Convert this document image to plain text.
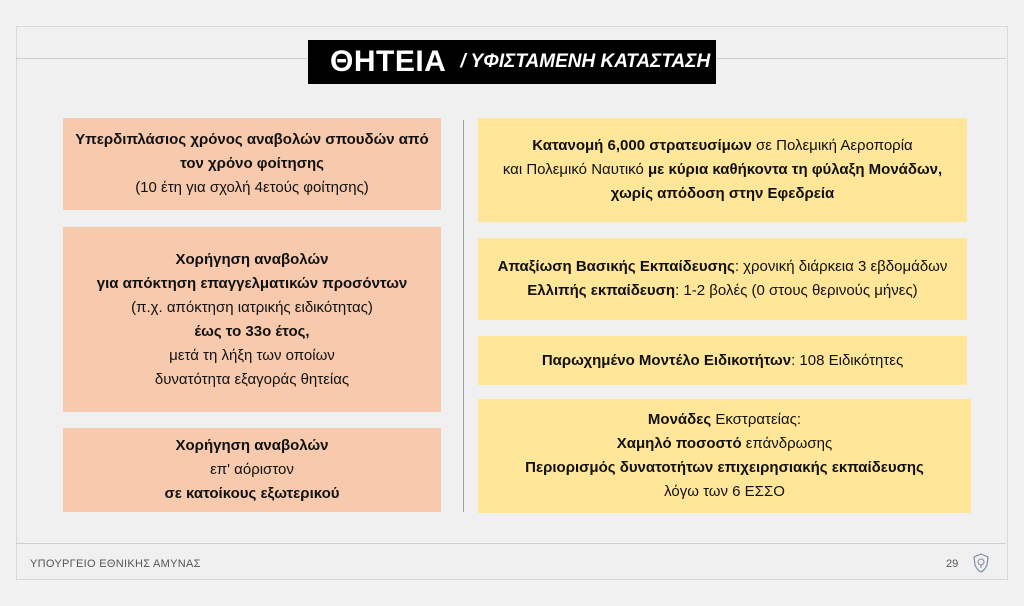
ΘΗΤΕΙΑ / ΥΦΙΣΤΑΜΕΝΗ ΚΑΤΑΣΤΑΣΗ
Υπερδιπλάσιος χρόνος αναβολών σπουδών από
τον χρόνο φοίτησης
(10 έτη για σχολή 4ετούς φοίτησης)
Χορήγηση αναβολών
για απόκτηση επαγγελματικών προσόντων
(π.χ. απόκτηση ιατρικής ειδικότητας)
έως το 33ο έτος,
μετά τη λήξη των οποίων
δυνατότητα εξαγοράς θητείας
Χορήγηση αναβολών
επ' αόριστον
σε κατοίκους εξωτερικού
Κατανομή 6,000 στρατευσίμων σε Πολεμική Αεροπορία
και Πολεμικό Ναυτικό με κύρια καθήκοντα τη φύλαξη Μονάδων,
χωρίς απόδοση στην Εφεδρεία
Απαξίωση Βασικής Εκπαίδευσης: χρονική διάρκεια 3 εβδομάδων
Ελλιπής εκπαίδευση: 1-2 βολές (0 στους θερινούς μήνες)
Παρωχημένο Μοντέλο Ειδικοτήτων: 108 Ειδικότητες
Μονάδες Εκστρατείας:
Χαμηλό ποσοστό επάνδρωσης
Περιορισμός δυνατοτήτων επιχειρησιακής εκπαίδευσης
λόγω των 6 ΕΣΣΟ
ΥΠΟΥΡΓΕΙΟ ΕΘΝΙΚΗΣ ΑΜΥΝΑΣ	29
